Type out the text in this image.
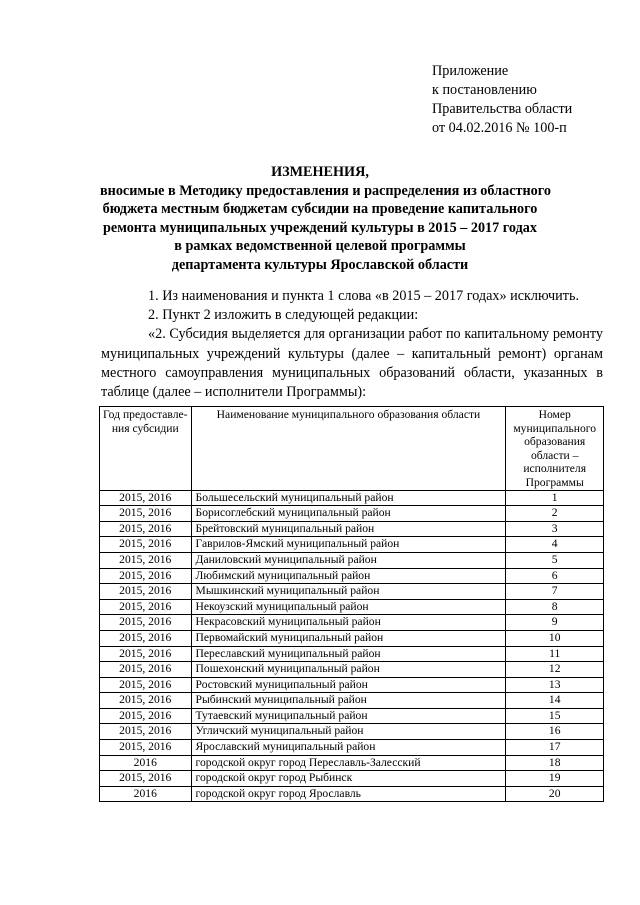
Приложение
к постановлению
Правительства области
от 04.02.2016 № 100-п
ИЗМЕНЕНИЯ,
вносимые в Методику предоставления и распределения из областного
бюджета местным бюджетам субсидии на проведение капитального
ремонта муниципальных учреждений культуры в 2015 – 2017 годах
в рамках ведомственной целевой программы
департамента культуры Ярославской области

1. Из наименования и пункта 1 слова «в 2015 – 2017 годах» исключить.

2. Пункт 2 изложить в следующей редакции:

«2. Субсидия выделяется для организации работ по капитальному ремонту муниципальных учреждений культуры (далее – капитальный ремонт) органам местного самоуправления муниципальных образований области, указанных в таблице (далее – исполнители Программы):

Год предоставле-ния субсидии	Наименование муниципального образования области	Номер муниципального образования области – исполнителя Программы
2015, 2016	Большесельский муниципальный район	1
2015, 2016	Борисоглебский муниципальный район	2
2015, 2016	Брейтовский муниципальный район	3
2015, 2016	Гаврилов-Ямский муниципальный район	4
2015, 2016	Даниловский муниципальный район	5
2015, 2016	Любимский муниципальный район	6
2015, 2016	Мышкинский муниципальный район	7
2015, 2016	Некоузский муниципальный район	8
2015, 2016	Некрасовский муниципальный район	9
2015, 2016	Первомайский муниципальный район	10
2015, 2016	Переславский муниципальный район	11
2015, 2016	Пошехонский муниципальный район	12
2015, 2016	Ростовский муниципальный район	13
2015, 2016	Рыбинский муниципальный район	14
2015, 2016	Тутаевский муниципальный район	15
2015, 2016	Угличский муниципальный район	16
2015, 2016	Ярославский муниципальный район	17
2016	городской округ город Переславль-Залесский	18
2015, 2016	городской округ город Рыбинск	19
2016	городской округ город Ярославль	20
